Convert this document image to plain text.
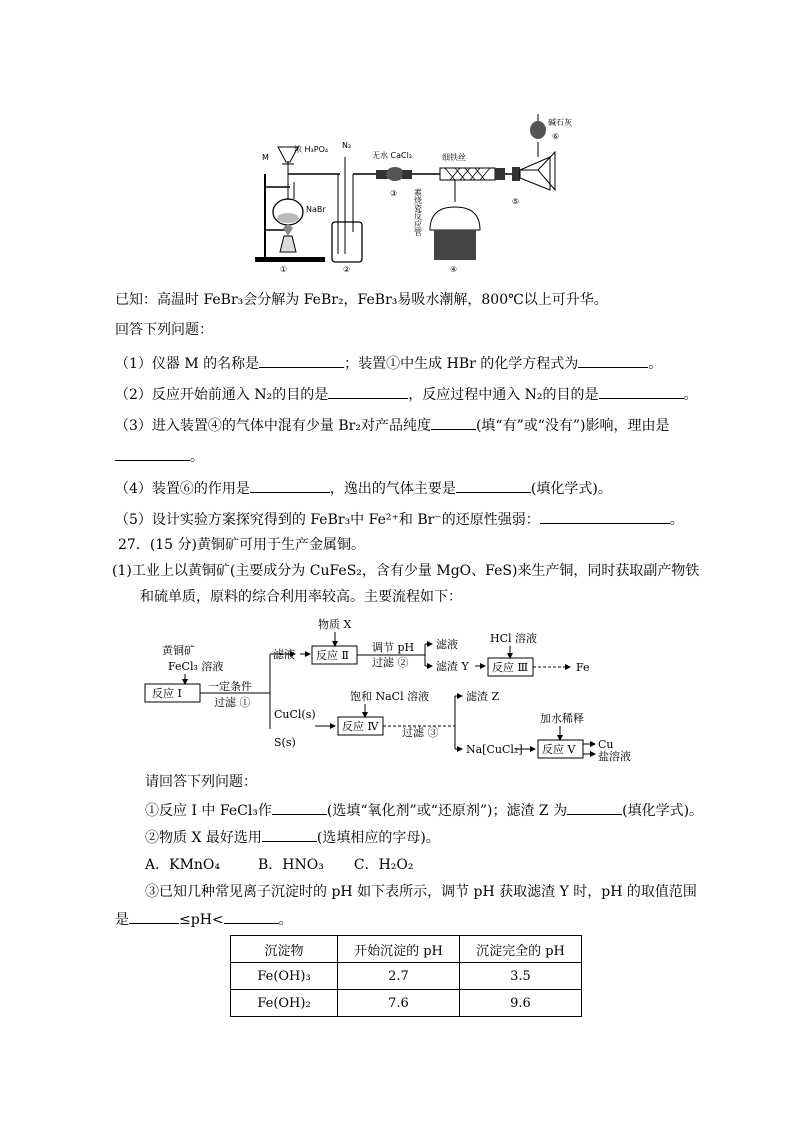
M
浓 H₃PO₄
NaBr
①
N₂
②
无水 CaCl₂
③
细铁丝
素烧瓷反应管
④
⑤
碱石灰
⑥
已知：高温时 FeBr₃会分解为 FeBr₂，FeBr₃易吸水潮解，800℃以上可升华。
回答下列问题：
（1）仪器 M 的名称是	；装置①中生成 HBr 的化学方程式为	。
（2）反应开始前通入 N₂的目的是	，反应过程中通入 N₂的目的是	。
（3）进入装置④的气体中混有少量 Br₂对产品纯度	(填“有”或“没有”)影响，理由是
。
（4）装置⑥的作用是	，逸出的气体主要是	(填化学式)。
（5）设计实验方案探究得到的 FeBr₃中 Fe²⁺和 Br⁻的还原性强弱：	。
27．(15 分)黄铜矿可用于生产金属铜。
(1)工业上以黄铜矿(主要成分为 CuFeS₂，含有少量 MgO、FeS)来生产铜，同时获取副产物铁
和硫单质，原料的综合利用率较高。主要流程如下：
黄铜矿
FeCl₃ 溶液
反应 Ⅰ
一定条件
过滤 ①
滤液
物质 X
反应 Ⅱ
调节 pH
过滤 ②
滤液
滤渣 Y
HCl 溶液
反应 Ⅲ	Fe
CuCl(s)
S(s)
饱和 NaCl 溶液
反应 Ⅳ 过滤 ③
滤渣 Z
Na[CuCl₂]
加水稀释
反应 Ⅴ Cu
盐溶液
请回答下列问题：
①反应 I 中 FeCl₃作	(选填“氧化剂”或“还原剂”)；滤渣 Z 为	(填化学式)。
②物质 X 最好选用	(选填相应的字母)。
A．KMnO₄	B．HNO₃ C．H₂O₂
③已知几种常见离子沉淀时的 pH 如下表所示，调节 pH 获取滤渣 Y 时，pH 的取值范围
是	≤pH<	。
沉淀物	开始沉淀的 pH	沉淀完全的 pH
Fe(OH)₃	2.7	3.5
Fe(OH)₂	7.6	9.6
